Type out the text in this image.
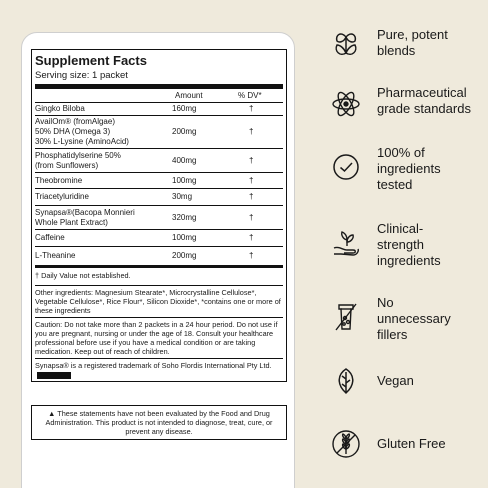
Supplement Facts
Serving size: 1 packet
Amount	% DV*
Gingko Biloba	160mg	†
AvailOm® (fromAlgae)
50% DHA (Omega 3)
30% L-Lysine (AminoAcid)
200mg	†
Phosphatidylserine 50%
(from Sunflowers)
400mg	†
Theobromine	100mg	†
Triacetyluridine	30mg	†
Synapsa®(Bacopa Monnieri
Whole Plant Extract)
320mg	†
Caffeine	100mg	†
L-Theanine	200mg	†
† Daily Value not established.
Other ingredients: Magnesium Stearate*, Microcrystalline Cellulose*, Vegetable Cellulose*, Rice Flour*, Silicon Dioxide*, *contains one or more of these ingredients
Caution: Do not take more than 2 packets in a 24 hour period. Do not use if you are pregnant, nursing or under the age of 18. Consult your healthcare professional before use if you have a medical condition or are taking medication. Keep out of reach of children.
Synapsa® is a registered trademark of Soho Flordis International Pty Ltd.
▲ These statements have not been evaluated by the Food and Drug Administration. This product is not intended to diagnose, treat, cure, or prevent any disease.
Pure, potent
blends
Pharmaceutical
grade standards
100% of
ingredients
tested
Clinical-
strength
ingredients
No
unnecessary
fillers
Vegan
Gluten Free
